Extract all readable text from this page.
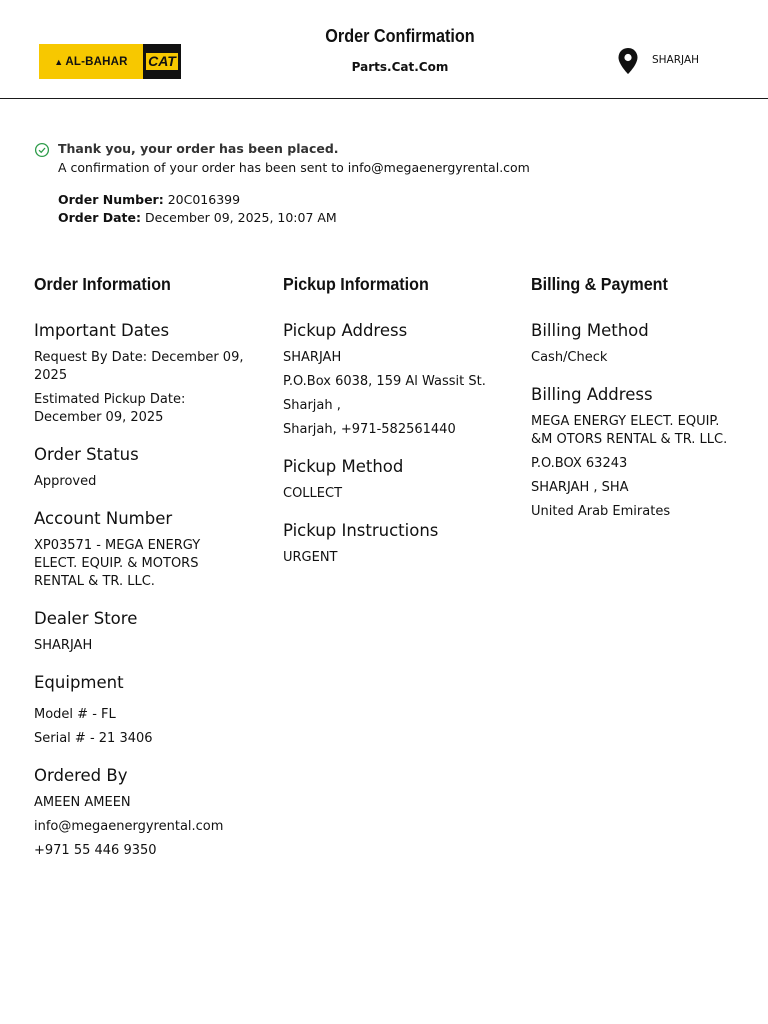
▲ AL-BAHAR CAT
Order Confirmation
Parts.Cat.Com	SHARJAH
Thank you, your order has been placed.
A confirmation of your order has been sent to info@megaenergyrental.com
Order Number: 20C016399
Order Date: December 09, 2025, 10:07 AM
Order Information
Important Dates
Request By Date: December 09, 2025
Estimated Pickup Date: December 09, 2025
Order Status
Approved
Account Number
XP03571 - MEGA ENERGY ELECT. EQUIP. & MOTORS RENTAL & TR. LLC.
Dealer Store
SHARJAH
Equipment
Model # - FL
Serial # - 21 3406
Ordered By
AMEEN AMEEN
info@megaenergyrental.com
+971 55 446 9350
Pickup Information
Pickup Address
SHARJAH
P.O.Box 6038, 159 Al Wassit St.
Sharjah ,
Sharjah, +971-582561440
Pickup Method
COLLECT
Pickup Instructions
URGENT
Billing & Payment
Billing Method
Cash/Check
Billing Address
MEGA ENERGY ELECT. EQUIP. &M OTORS RENTAL & TR. LLC.
P.O.BOX 63243
SHARJAH , SHA
United Arab Emirates
